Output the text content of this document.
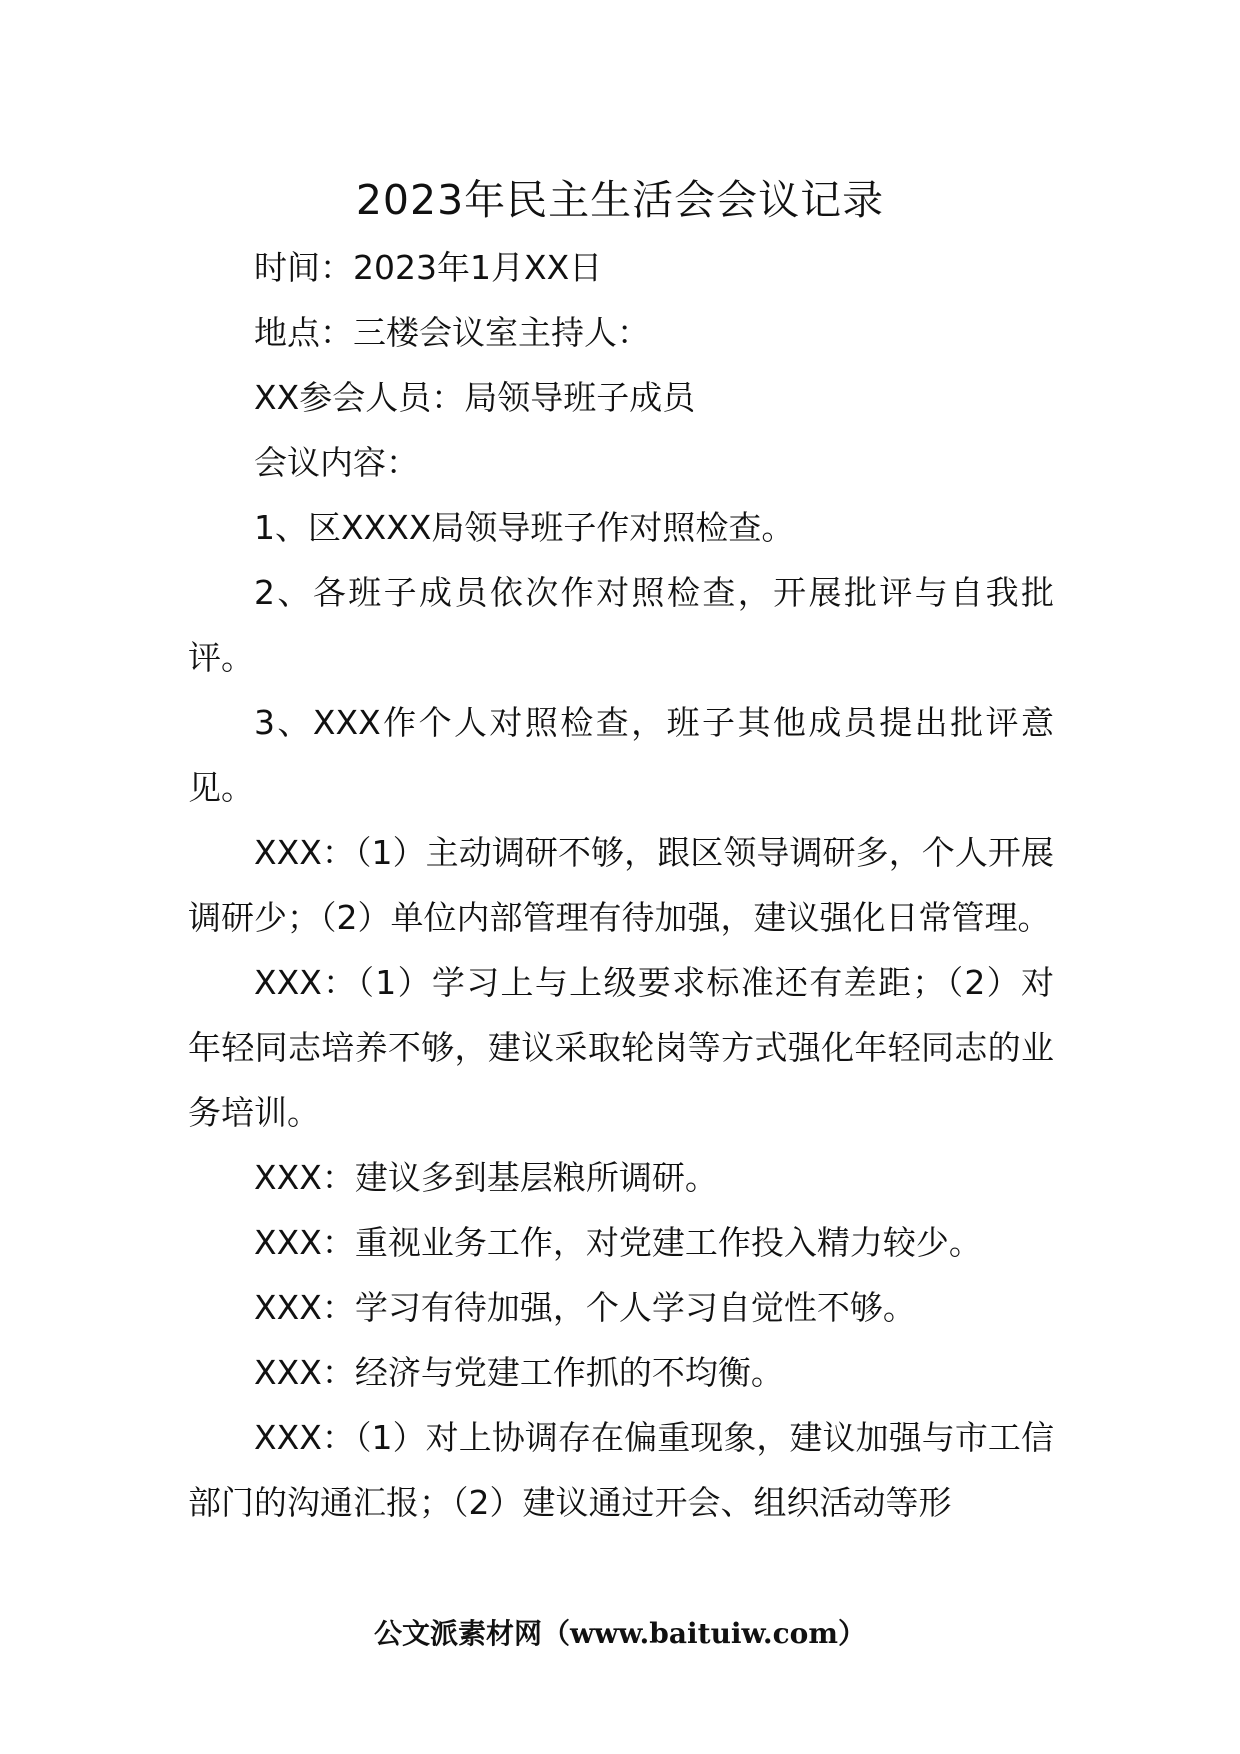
2023年民主生活会会议记录

时间：2023年1月XX日

地点：三楼会议室主持人：

XX参会人员：局领导班子成员

会议内容：

1、区XXXX局领导班子作对照检查。

2、各班子成员依次作对照检查，开展批评与自我批评。

3、XXX作个人对照检查，班子其他成员提出批评意见。

XXX：（1）主动调研不够，跟区领导调研多，个人开展调研少；（2）单位内部管理有待加强，建议强化日常管理。

XXX：（1）学习上与上级要求标准还有差距；（2）对年轻同志培养不够，建议采取轮岗等方式强化年轻同志的业务培训。

XXX：建议多到基层粮所调研。

XXX：重视业务工作，对党建工作投入精力较少。

XXX：学习有待加强，个人学习自觉性不够。

XXX：经济与党建工作抓的不均衡。

XXX：（1）对上协调存在偏重现象，建议加强与市工信部门的沟通汇报；（2）建议通过开会、组织活动等形

公文派素材网（www.baituiw.com）
